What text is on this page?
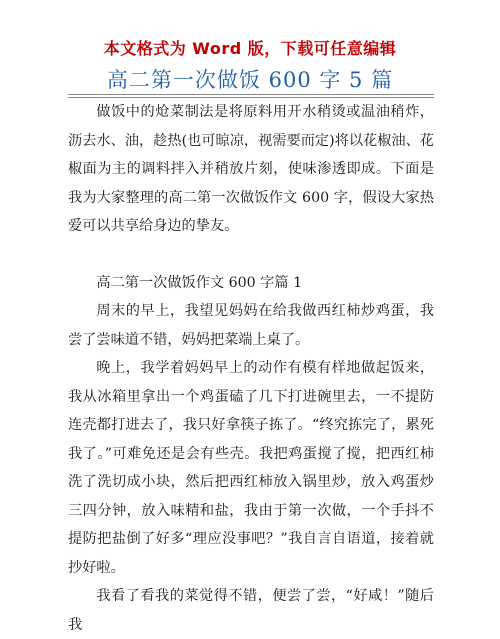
本文格式为 Word 版，下载可任意编辑
高二第一次做饭 600 字 5 篇

做饭中的炝菜制法是将原料用开水稍烫或温油稍炸，沥去水、油，趁热(也可晾凉，视需要而定)将以花椒油、花椒面为主的调料拌入并稍放片刻，使味渗透即成。下面是我为大家整理的高二第一次做饭作文 600 字，假设大家热爱可以共享给身边的挚友。

高二第一次做饭作文 600 字篇 1

周末的早上，我望见妈妈在给我做西红柿炒鸡蛋，我尝了尝味道不错，妈妈把菜端上桌了。

晚上，我学着妈妈早上的动作有模有样地做起饭来，我从冰箱里拿出一个鸡蛋磕了几下打进碗里去，一不提防连壳都打进去了，我只好拿筷子拣了。“终究拣完了，累死我了。”可难免还是会有些壳。我把鸡蛋搅了搅，把西红柿洗了洗切成小块，然后把西红柿放入锅里炒，放入鸡蛋炒三四分钟，放入味精和盐，我由于第一次做，一个手抖不提防把盐倒了好多“理应没事吧？”我自言自语道，接着就抄好啦。

我看了看我的菜觉得不错，便尝了尝，“好咸！”随后我
